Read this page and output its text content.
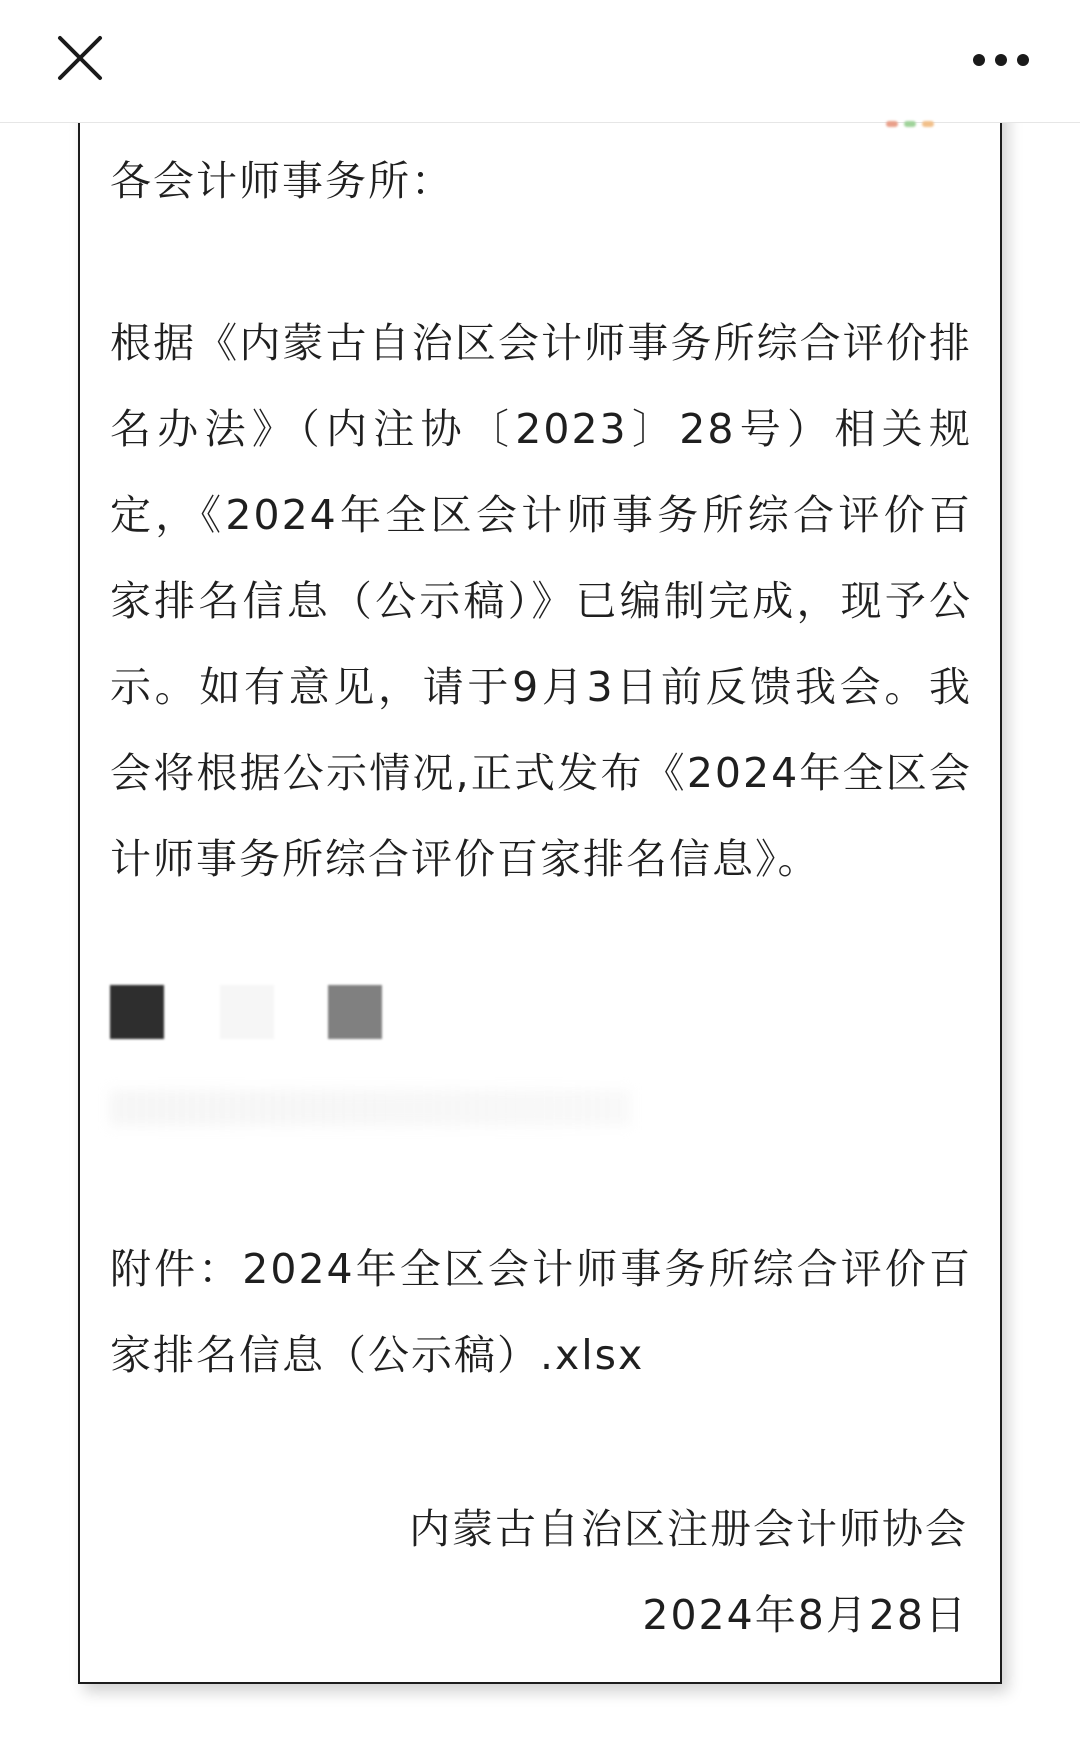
各会计师事务所：
根据《内蒙古自治区会计师事务所综合评价排
名办法》（内注协〔2023〕28号）相关规
定，《2024年全区会计师事务所综合评价百
家排名信息（公示稿）》已编制完成，现予公
示。如有意见，请于9月3日前反馈我会。我
会将根据公示情况,正式发布《2024年全区会
计师事务所综合评价百家排名信息》。
附件：2024年全区会计师事务所综合评价百
家排名信息（公示稿）.xlsx
内蒙古自治区注册会计师协会
2024年8月28日
